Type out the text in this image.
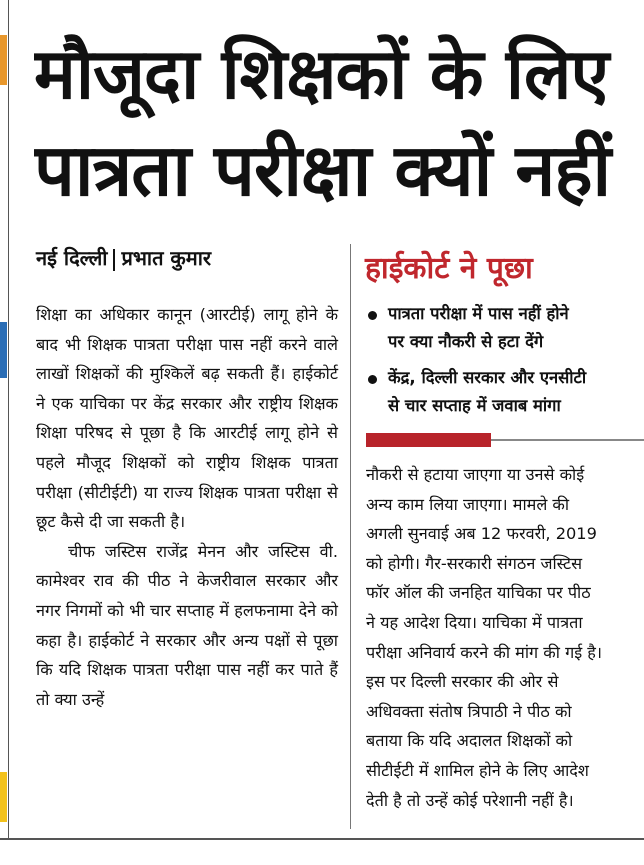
मौजूदा शिक्षकों के लिए
पात्रता परीक्षा क्यों नहीं
नई दिल्ली प्रभात कुमार

शिक्षा का अधिकार कानून (आरटीई) लागू होने के बाद भी शिक्षक पात्रता परीक्षा पास नहीं करने वाले लाखों शिक्षकों की मुश्किलें बढ़ सकती हैं। हाईकोर्ट ने एक याचिका पर केंद्र सरकार और राष्ट्रीय शिक्षक शिक्षा परिषद से पूछा है कि आरटीई लागू होने से पहले मौजूद शिक्षकों को राष्ट्रीय शिक्षक पात्रता परीक्षा (सीटीईटी) या राज्य शिक्षक पात्रता परीक्षा से छूट कैसे दी जा सकती है।

चीफ जस्टिस राजेंद्र मेनन और जस्टिस वी. कामेश्वर राव की पीठ ने केजरीवाल सरकार और नगर निगमों को भी चार सप्ताह में हलफनामा देने को कहा है। हाईकोर्ट ने सरकार और अन्य पक्षों से पूछा कि यदि शिक्षक पात्रता परीक्षा पास नहीं कर पाते हैं तो क्या उन्हें

हाईकोर्ट ने पूछा
पात्रता परीक्षा में पास नहीं होने
पर क्या नौकरी से हटा देंगे
केंद्र, दिल्ली सरकार और एनसीटी
से चार सप्ताह में जवाब मांगा
नौकरी से हटाया जाएगा या उनसे कोई
अन्य काम लिया जाएगा। मामले की
अगली सुनवाई अब 12 फरवरी, 2019
को होगी। गैर-सरकारी संगठन जस्टिस
फॉर ऑल की जनहित याचिका पर पीठ
ने यह आदेश दिया। याचिका में पात्रता
परीक्षा अनिवार्य करने की मांग की गई है।
इस पर दिल्ली सरकार की ओर से
अधिवक्ता संतोष त्रिपाठी ने पीठ को
बताया कि यदि अदालत शिक्षकों को
सीटीईटी में शामिल होने के लिए आदेश
देती है तो उन्हें कोई परेशानी नहीं है।
